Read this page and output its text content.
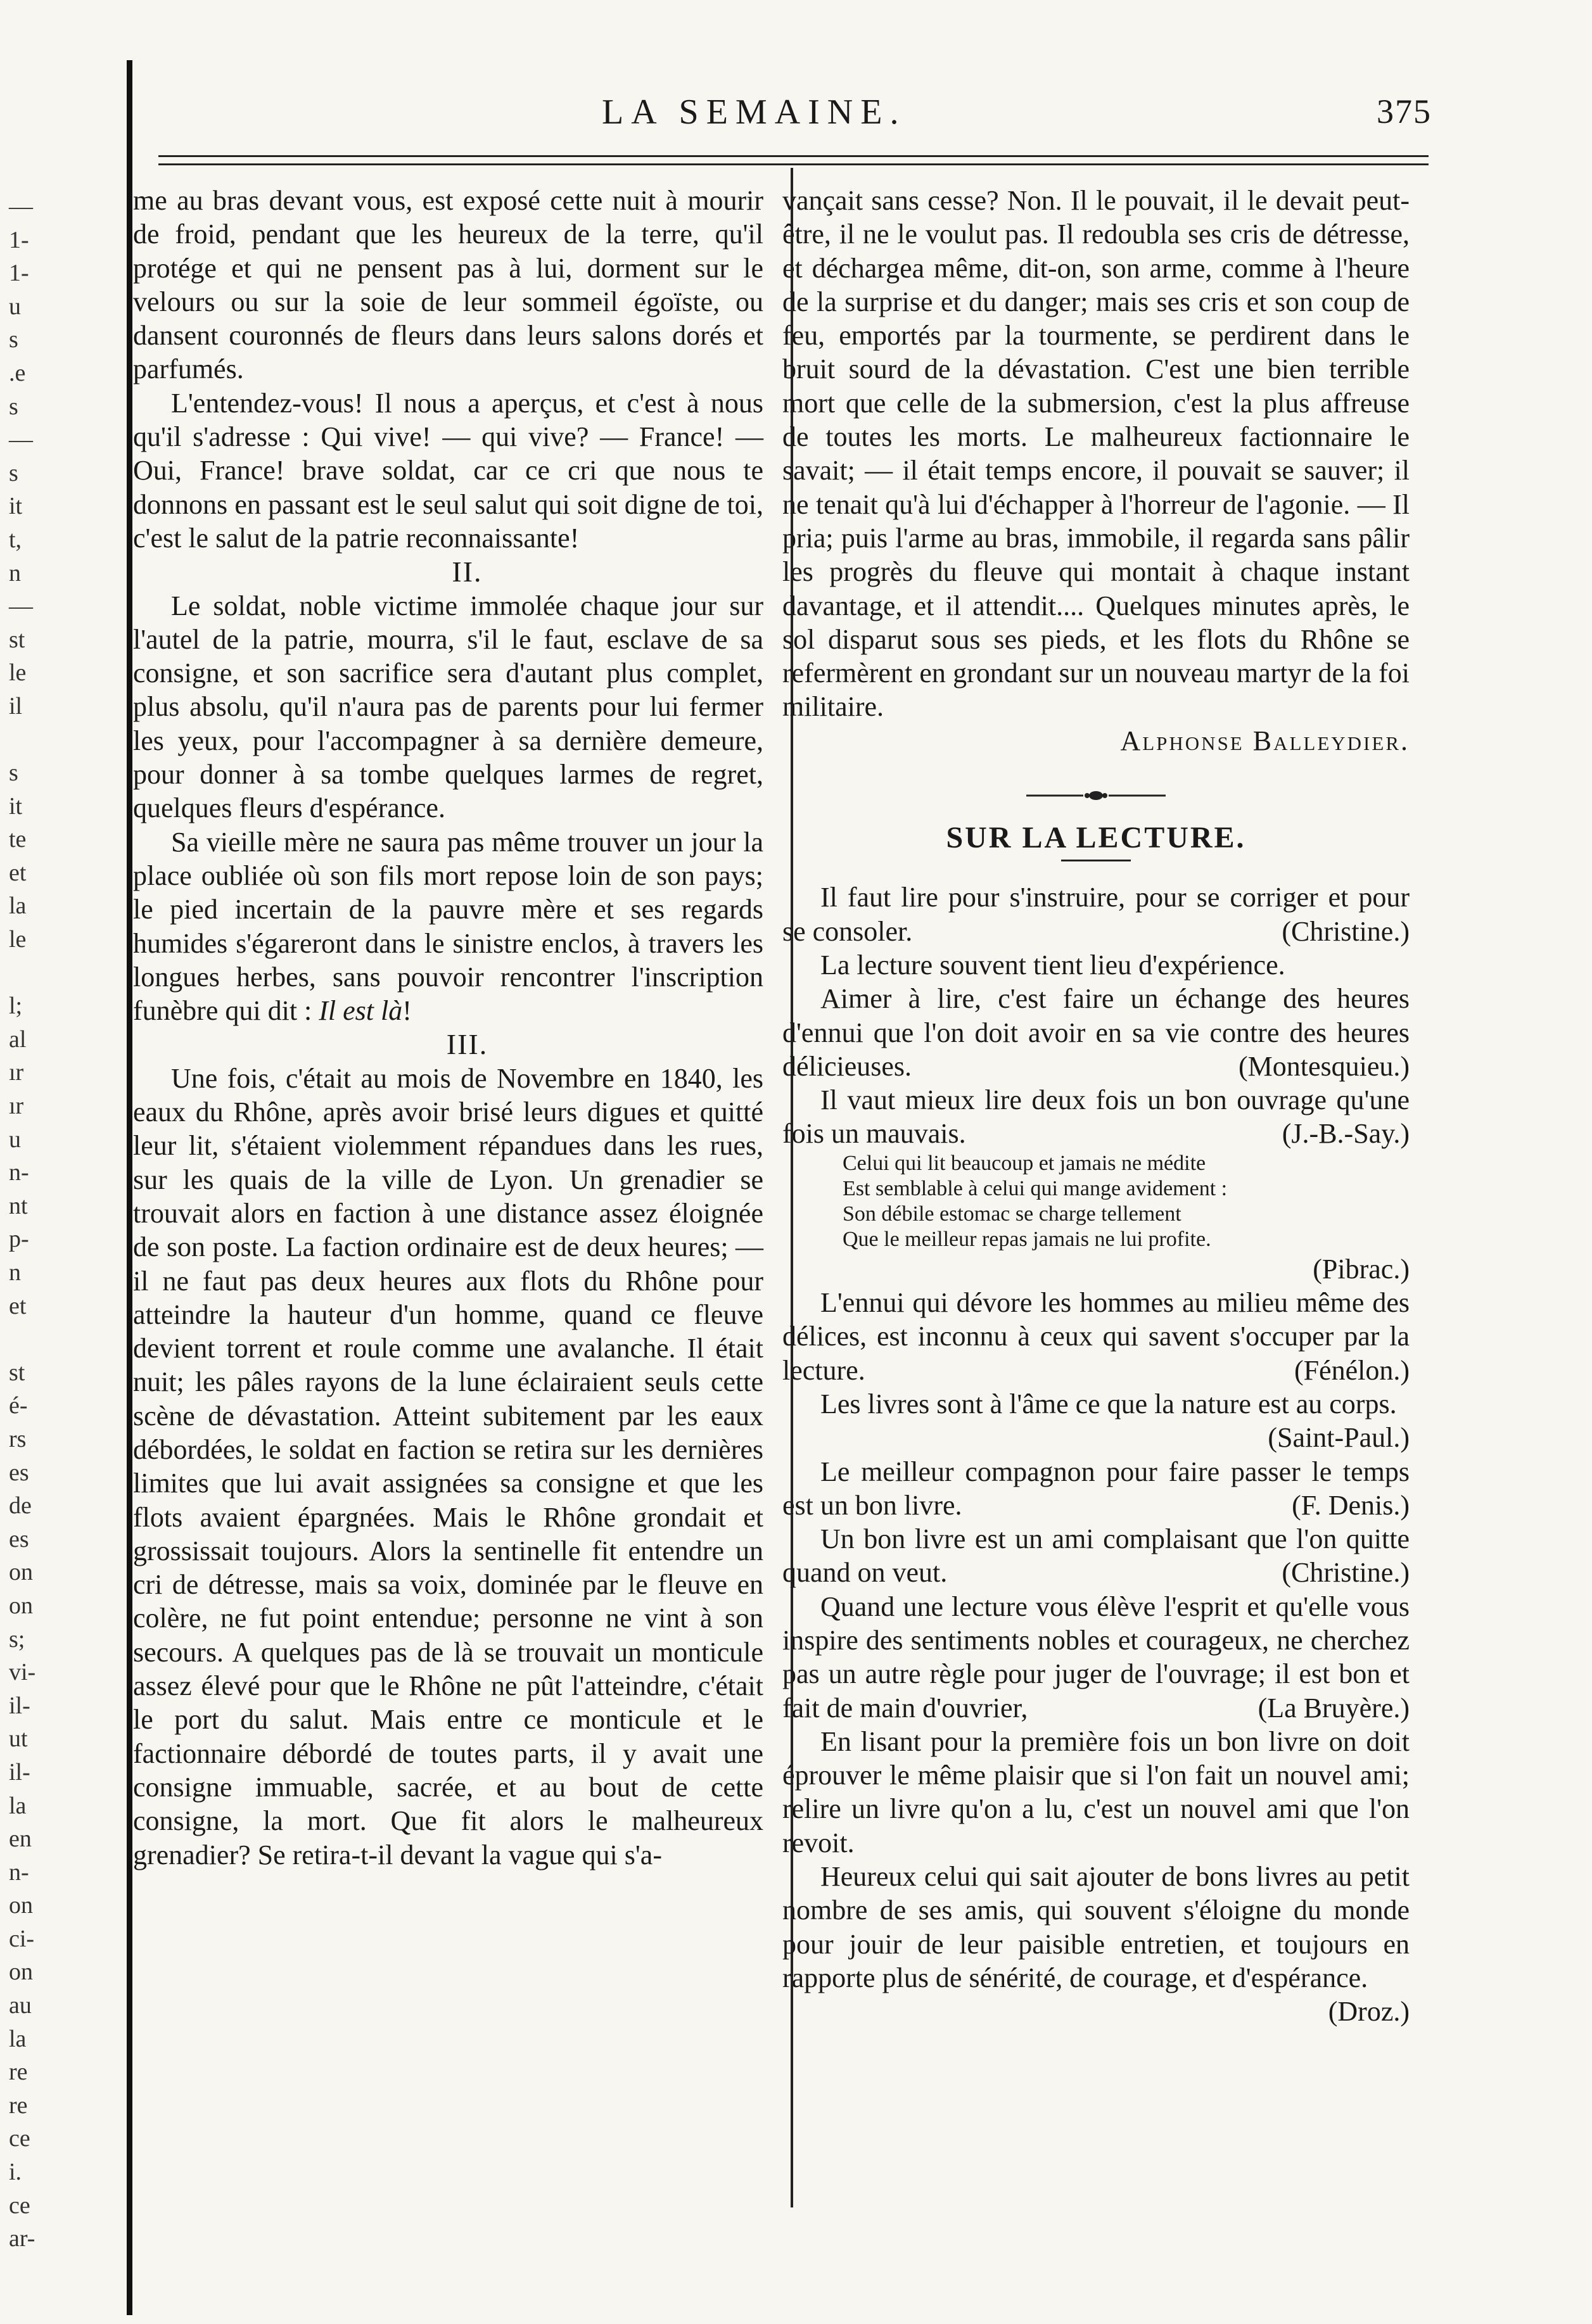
—
1-
1-
u
s
.e
s
—
s
it
t,
n
—
st
le
il

s
it
te
et
la
le

l;
al
ır
ır
u
n-
nt
p-
n
et

st
é-
rs
es
de
es
on
on
s;
vi-
il-
ut
il-
la
en
n-
on
ci-
on
au
la
re
re
ce
i.
ce
ar-
LA SEMAINE.	375

me au bras devant vous, est exposé cette nuit à mourir de froid, pendant que les heureux de la terre, qu'il protége et qui ne pensent pas à lui, dorment sur le velours ou sur la soie de leur sommeil égoïste, ou dansent couronnés de fleurs dans leurs salons dorés et parfumés.

L'entendez-vous! Il nous a aperçus, et c'est à nous qu'il s'adresse : Qui vive! — qui vive? — France! — Oui, France! brave soldat, car ce cri que nous te donnons en passant est le seul salut qui soit digne de toi, c'est le salut de la patrie reconnaissante!

II.

Le soldat, noble victime immolée chaque jour sur l'autel de la patrie, mourra, s'il le faut, esclave de sa consigne, et son sacrifice sera d'autant plus complet, plus absolu, qu'il n'aura pas de parents pour lui fermer les yeux, pour l'accompagner à sa dernière demeure, pour donner à sa tombe quelques larmes de regret, quelques fleurs d'espérance.

Sa vieille mère ne saura pas même trouver un jour la place oubliée où son fils mort repose loin de son pays; le pied incertain de la pauvre mère et ses regards humides s'égareront dans le sinistre enclos, à travers les longues herbes, sans pouvoir rencontrer l'inscription funèbre qui dit : Il est là!

III.

Une fois, c'était au mois de Novembre en 1840, les eaux du Rhône, après avoir brisé leurs digues et quitté leur lit, s'étaient violemment répandues dans les rues, sur les quais de la ville de Lyon. Un grenadier se trouvait alors en faction à une distance assez éloignée de son poste. La faction ordinaire est de deux heures; — il ne faut pas deux heures aux flots du Rhône pour atteindre la hauteur d'un homme, quand ce fleuve devient torrent et roule comme une avalanche. Il était nuit; les pâles rayons de la lune éclairaient seuls cette scène de dévastation. Atteint subitement par les eaux débordées, le soldat en faction se retira sur les dernières limites que lui avait assignées sa consigne et que les flots avaient épargnées. Mais le Rhône grondait et grossissait toujours. Alors la sentinelle fit entendre un cri de détresse, mais sa voix, dominée par le fleuve en colère, ne fut point entendue; personne ne vint à son secours. A quelques pas de là se trouvait un monticule assez élevé pour que le Rhône ne pût l'atteindre, c'était le port du salut. Mais entre ce monticule et le factionnaire débordé de toutes parts, il y avait une consigne immuable, sacrée, et au bout de cette consigne, la mort. Que fit alors le malheureux grenadier? Se retira-t-il devant la vague qui s'a-

vançait sans cesse? Non. Il le pouvait, il le devait peut-être, il ne le voulut pas. Il redoubla ses cris de détresse, et déchargea même, dit-on, son arme, comme à l'heure de la surprise et du danger; mais ses cris et son coup de feu, emportés par la tourmente, se perdirent dans le bruit sourd de la dévastation. C'est une bien terrible mort que celle de la submersion, c'est la plus affreuse de toutes les morts. Le malheureux factionnaire le savait; — il était temps encore, il pouvait se sauver; il ne tenait qu'à lui d'échapper à l'horreur de l'agonie. — Il pria; puis l'arme au bras, immobile, il regarda sans pâlir les progrès du fleuve qui montait à chaque instant davantage, et il attendit.... Quelques minutes après, le sol disparut sous ses pieds, et les flots du Rhône se refermèrent en grondant sur un nouveau martyr de la foi militaire.

Alphonse Balleydier.

SUR LA LECTURE.

Il faut lire pour s'instruire, pour se corriger et pour se consoler.	(Christine.)

La lecture souvent tient lieu d'expérience.

Aimer à lire, c'est faire un échange des heures d'ennui que l'on doit avoir en sa vie contre des heures délicieuses.	(Montesquieu.)

Il vaut mieux lire deux fois un bon ouvrage qu'une fois un mauvais.	(J.-B.-Say.)

Celui qui lit beaucoup et jamais ne médite
Est semblable à celui qui mange avidement :
Son débile estomac se charge tellement
Que le meilleur repas jamais ne lui profite.

(Pibrac.)

L'ennui qui dévore les hommes au milieu même des délices, est inconnu à ceux qui savent s'occuper par la lecture.	(Fénélon.)

Les livres sont à l'âme ce que la nature est au corps.
(Saint-Paul.)

Le meilleur compagnon pour faire passer le temps est un bon livre.	(F. Denis.)

Un bon livre est un ami complaisant que l'on quitte quand on veut.	(Christine.)

Quand une lecture vous élève l'esprit et qu'elle vous inspire des sentiments nobles et courageux, ne cherchez pas un autre règle pour juger de l'ouvrage; il est bon et fait de main d'ouvrier,	(La Bruyère.)

En lisant pour la première fois un bon livre on doit éprouver le même plaisir que si l'on fait un nouvel ami; relire un livre qu'on a lu, c'est un nouvel ami que l'on revoit.

Heureux celui qui sait ajouter de bons livres au petit nombre de ses amis, qui souvent s'éloigne du monde pour jouir de leur paisible entretien, et toujours en rapporte plus de sénérité, de courage, et d'espérance.

(Droz.)
